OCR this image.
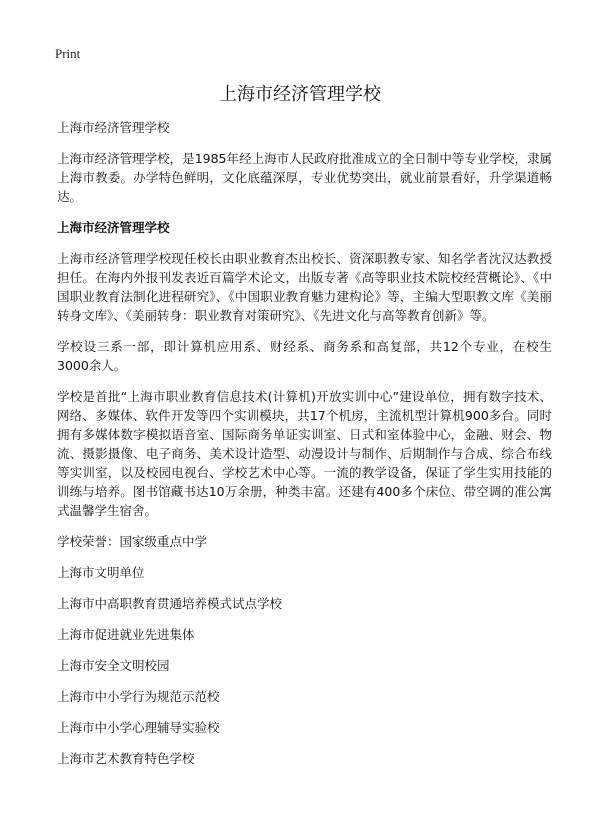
Print
上海市经济管理学校

上海市经济管理学校

上海市经济管理学校，是1985年经上海市人民政府批准成立的全日制中等专业学校，隶属上海市教委。办学特色鲜明，文化底蕴深厚，专业优势突出，就业前景看好，升学渠道畅达。

上海市经济管理学校

上海市经济管理学校现任校长由职业教育杰出校长、资深职教专家、知名学者沈汉达教授担任。在海内外报刊发表近百篇学术论文，出版专著《高等职业技术院校经营概论》、《中国职业教育法制化进程研究》、《中国职业教育魅力建构论》等，主编大型职教文库《美丽转身文库》、《美丽转身：职业教育对策研究》、《先进文化与高等教育创新》等。

学校设三系一部，即计算机应用系、财经系、商务系和高复部，共12个专业，在校生3000余人。

学校是首批“上海市职业教育信息技术(计算机)开放实训中心”建设单位，拥有数字技术、网络、多媒体、软件开发等四个实训模块，共17个机房，主流机型计算机900多台。同时拥有多媒体数字模拟语音室、国际商务单证实训室、日式和室体验中心，金融、财会、物流、摄影摄像、电子商务、美术设计造型、动漫设计与制作、后期制作与合成、综合布线等实训室，以及校园电视台、学校艺术中心等。一流的教学设备，保证了学生实用技能的训练与培养。图书馆藏书达10万余册，种类丰富。还建有400多个床位、带空调的准公寓式温馨学生宿舍。

学校荣誉：国家级重点中学

上海市文明单位
上海市中高职教育贯通培养模式试点学校
上海市促进就业先进集体
上海市安全文明校园
上海市中小学行为规范示范校
上海市中小学心理辅导实验校
上海市艺术教育特色学校
